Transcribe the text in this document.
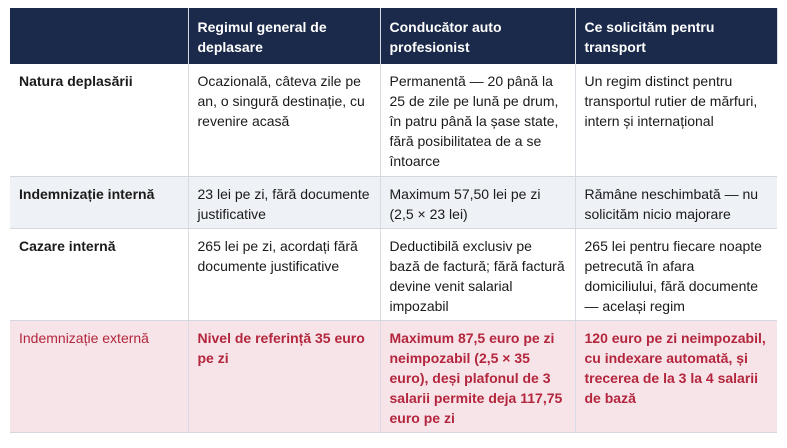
	Regimul general de deplasare	Conducător auto profesionist	Ce solicităm pentru transport
Natura deplasării	Ocazională, câteva zile pe an, o singură destinație, cu revenire acasă	Permanentă — 20 până la 25 de zile pe lună pe drum, în patru până la șase state, fără posibilitatea de a se întoarce	Un regim distinct pentru transportul rutier de mărfuri, intern și internațional
Indemnizație internă	23 lei pe zi, fără documente justificative	Maximum 57,50 lei pe zi (2,5 × 23 lei)	Rămâne neschimbată — nu solicităm nicio majorare
Cazare internă	265 lei pe zi, acordați fără documente justificative	Deductibilă exclusiv pe bază de factură; fără factură devine venit salarial impozabil	265 lei pentru fiecare noapte petrecută în afara domiciliului, fără documente — același regim
Indemnizație externă	Nivel de referință 35 euro pe zi	Maximum 87,5 euro pe zi neimpozabil (2,5 × 35 euro), deși plafonul de 3 salarii permite deja 117,75 euro pe zi	120 euro pe zi neimpozabil, cu indexare automată, și trecerea de la 3 la 4 salarii de bază
